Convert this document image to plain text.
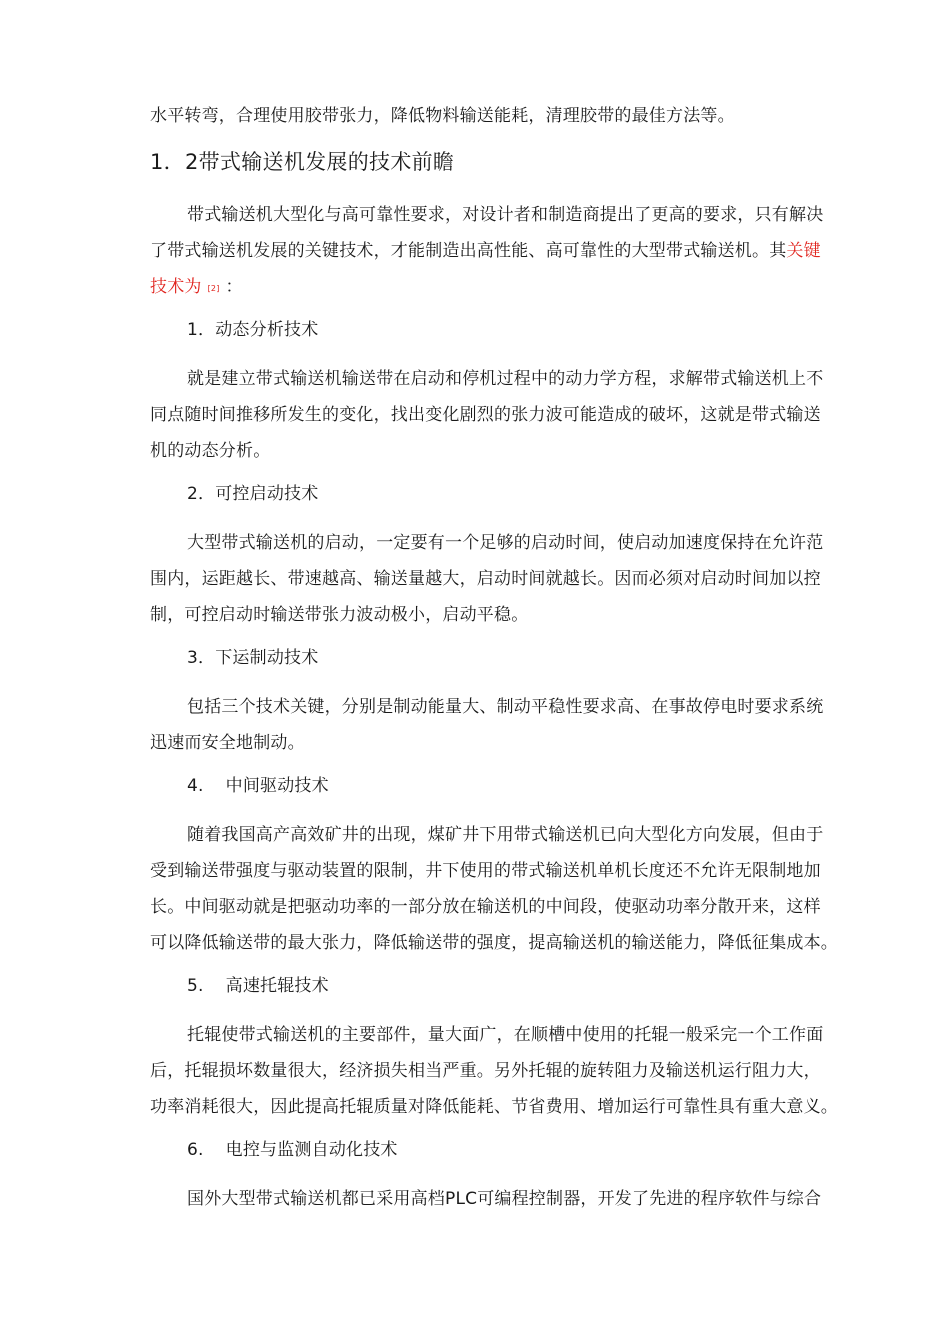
水平转弯，合理使用胶带张力，降低物料输送能耗，清理胶带的最佳方法等。
1．2带式输送机发展的技术前瞻
带式输送机大型化与高可靠性要求，对设计者和制造商提出了更高的要求，只有解决
了带式输送机发展的关键技术，才能制造出高性能、高可靠性的大型带式输送机。其关键
技术为 [2] ：
1．动态分析技术
就是建立带式输送机输送带在启动和停机过程中的动力学方程，求解带式输送机上不
同点随时间推移所发生的变化，找出变化剧烈的张力波可能造成的破坏，这就是带式输送
机的动态分析。
2．可控启动技术
大型带式输送机的启动，一定要有一个足够的启动时间，使启动加速度保持在允许范
围内，运距越长、带速越高、输送量越大，启动时间就越长。因而必须对启动时间加以控
制，可控启动时输送带张力波动极小，启动平稳。
3．下运制动技术
包括三个技术关键，分别是制动能量大、制动平稳性要求高、在事故停电时要求系统
迅速而安全地制动。
4. 中间驱动技术
随着我国高产高效矿井的出现，煤矿井下用带式输送机已向大型化方向发展，但由于
受到输送带强度与驱动装置的限制，井下使用的带式输送机单机长度还不允许无限制地加
长。中间驱动就是把驱动功率的一部分放在输送机的中间段，使驱动功率分散开来，这样
可以降低输送带的最大张力，降低输送带的强度，提高输送机的输送能力，降低征集成本。
5. 高速托辊技术
托辊使带式输送机的主要部件，量大面广，在顺槽中使用的托辊一般采完一个工作面
后，托辊损坏数量很大，经济损失相当严重。另外托辊的旋转阻力及输送机运行阻力大，
功率消耗很大，因此提高托辊质量对降低能耗、节省费用、增加运行可靠性具有重大意义。
6. 电控与监测自动化技术
国外大型带式输送机都已采用高档PLC可编程控制器，开发了先进的程序软件与综合
